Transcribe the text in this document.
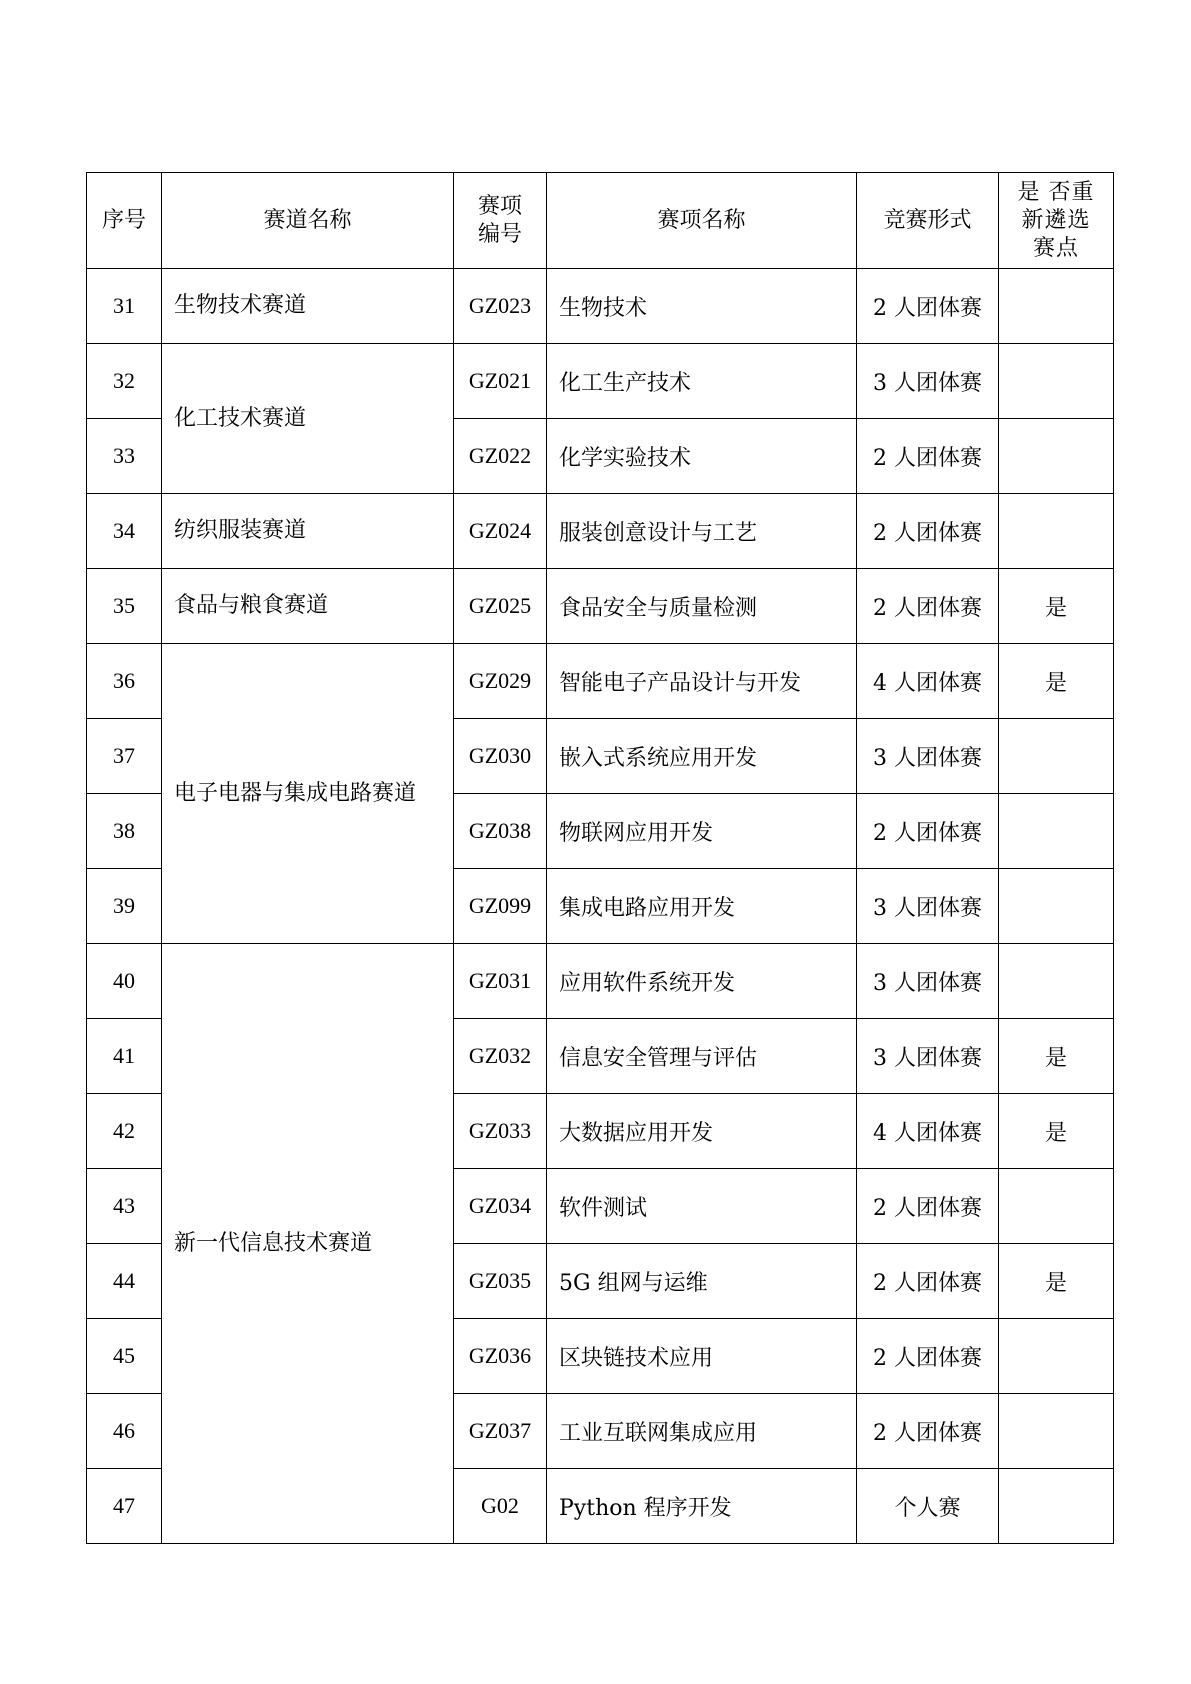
序号	赛道名称	赛项编号	赛项名称	竞赛形式	是 否重新遴选赛点
31	生物技术赛道	GZ023	生物技术	2 人团体赛	
32	化工技术赛道	GZ021	化工生产技术	3 人团体赛	
33		GZ022	化学实验技术	2 人团体赛	
34	纺织服装赛道	GZ024	服装创意设计与工艺	2 人团体赛	
35	食品与粮食赛道	GZ025	食品安全与质量检测	2 人团体赛	是
36	电子电器与集成电路赛道	GZ029	智能电子产品设计与开发	4 人团体赛	是
37		GZ030	嵌入式系统应用开发	3 人团体赛	
38		GZ038	物联网应用开发	2 人团体赛	
39		GZ099	集成电路应用开发	3 人团体赛	
40	新一代信息技术赛道	GZ031	应用软件系统开发	3 人团体赛	
41		GZ032	信息安全管理与评估	3 人团体赛	是
42		GZ033	大数据应用开发	4 人团体赛	是
43		GZ034	软件测试	2 人团体赛	
44		GZ035	5G 组网与运维	2 人团体赛	是
45		GZ036	区块链技术应用	2 人团体赛	
46		GZ037	工业互联网集成应用	2 人团体赛	
47		G02	Python 程序开发	个人赛	
